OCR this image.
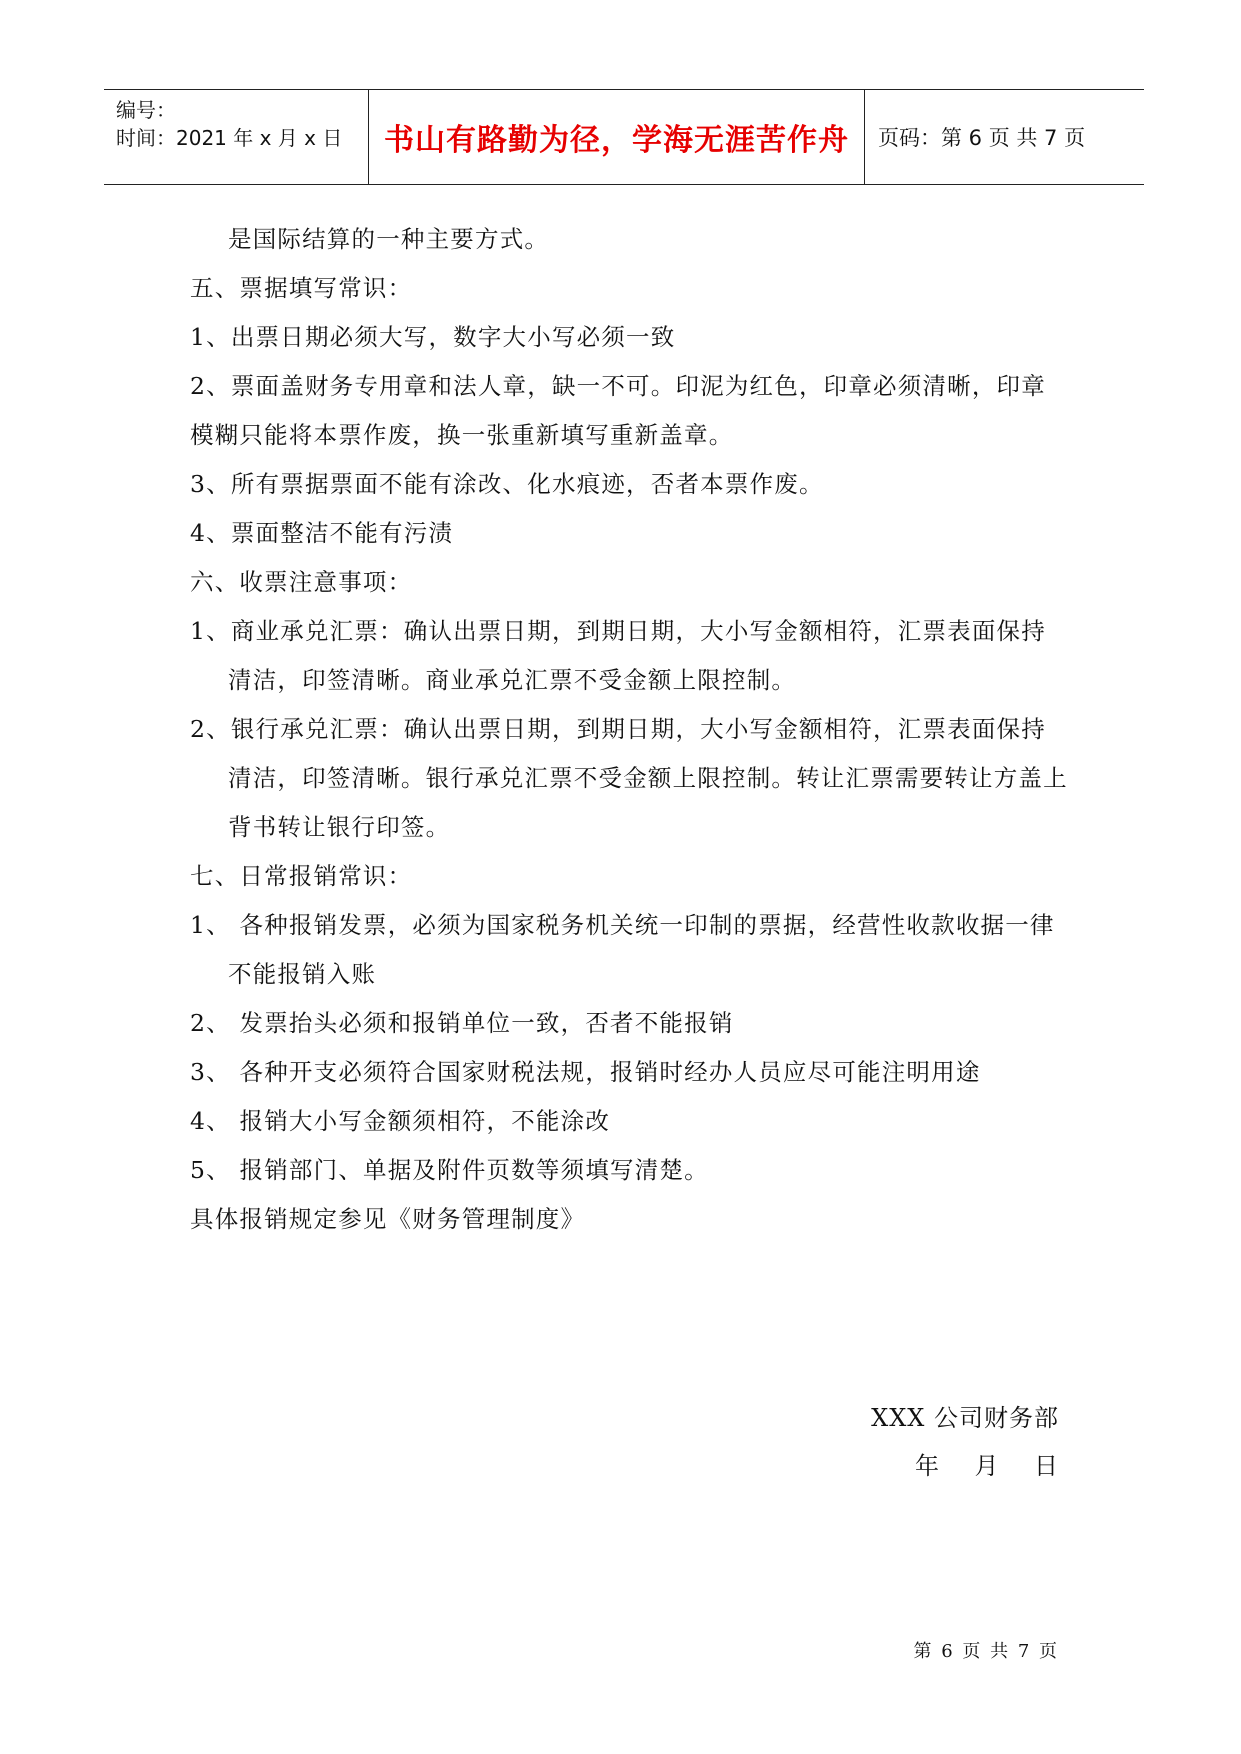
编号：
时间：2021 年 x 月 x 日 书山有路勤为径，学海无涯苦作舟 页码：第 6 页 共 7 页

是国际结算的一种主要方式。

五、票据填写常识：

1、出票日期必须大写，数字大小写必须一致

2、票面盖财务专用章和法人章，缺一不可。印泥为红色，印章必须清晰，印章模糊只能将本票作废，换一张重新填写重新盖章。

3、所有票据票面不能有涂改、化水痕迹，否者本票作废。

4、票面整洁不能有污渍

六、收票注意事项：

1、商业承兑汇票：确认出票日期，到期日期，大小写金额相符，汇票表面保持清洁，印签清晰。商业承兑汇票不受金额上限控制。

2、银行承兑汇票：确认出票日期，到期日期，大小写金额相符，汇票表面保持清洁，印签清晰。银行承兑汇票不受金额上限控制。转让汇票需要转让方盖上背书转让银行印签。

七、日常报销常识：

1、 各种报销发票，必须为国家税务机关统一印制的票据，经营性收款收据一律不能报销入账

2、 发票抬头必须和报销单位一致，否者不能报销

3、 各种开支必须符合国家财税法规，报销时经办人员应尽可能注明用途

4、 报销大小写金额须相符，不能涂改

5、 报销部门、单据及附件页数等须填写清楚。

具体报销规定参见《财务管理制度》

XXX 公司财务部
年    月    日
第 6 页 共 7 页
